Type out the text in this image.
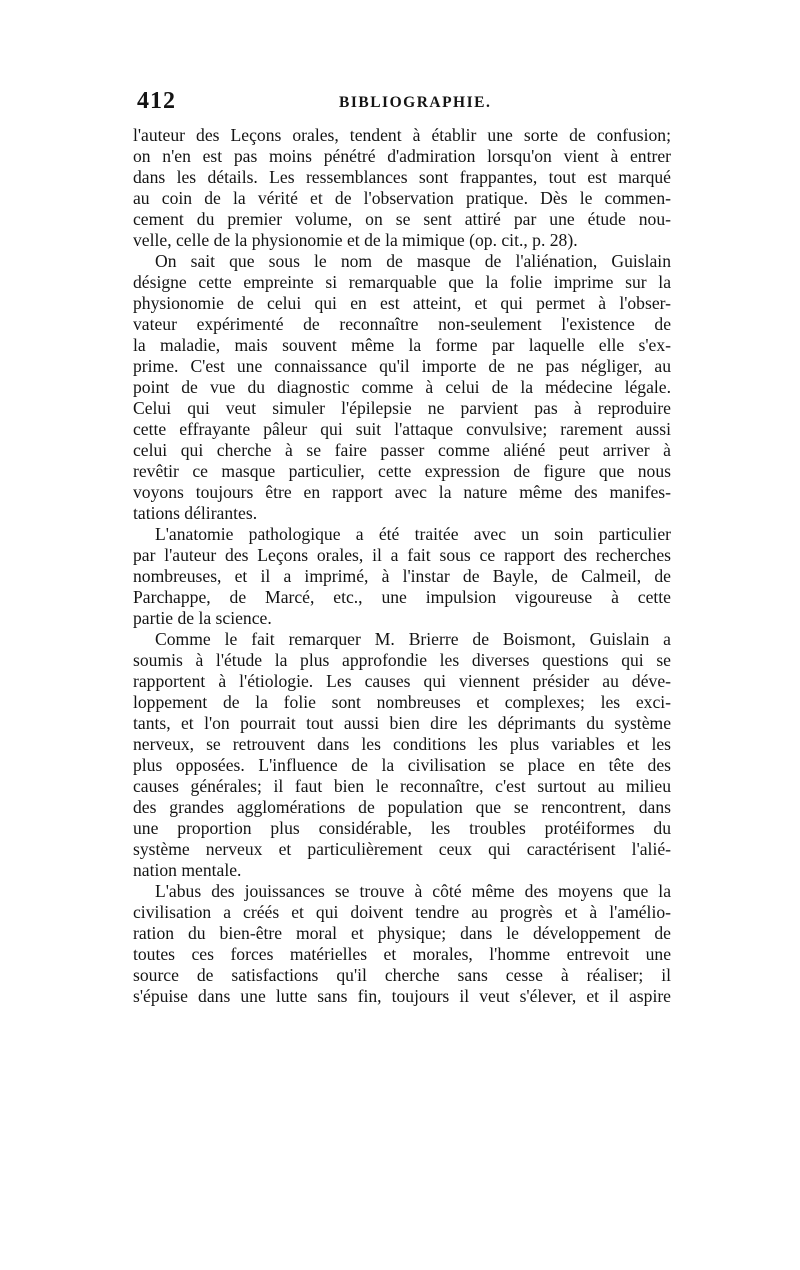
412	BIBLIOGRAPHIE.
l'auteur des Leçons orales, tendent à établir une sorte de confusion;
on n'en est pas moins pénétré d'admiration lorsqu'on vient à entrer
dans les détails. Les ressemblances sont frappantes, tout est marqué
au coin de la vérité et de l'observation pratique. Dès le commen-
cement du premier volume, on se sent attiré par une étude nou-
velle, celle de la physionomie et de la mimique (op. cit., p. 28).
On sait que sous le nom de masque de l'aliénation, Guislain
désigne cette empreinte si remarquable que la folie imprime sur la
physionomie de celui qui en est atteint, et qui permet à l'obser-
vateur expérimenté de reconnaître non-seulement l'existence de
la maladie, mais souvent même la forme par laquelle elle s'ex-
prime. C'est une connaissance qu'il importe de ne pas négliger, au
point de vue du diagnostic comme à celui de la médecine légale.
Celui qui veut simuler l'épilepsie ne parvient pas à reproduire
cette effrayante pâleur qui suit l'attaque convulsive; rarement aussi
celui qui cherche à se faire passer comme aliéné peut arriver à
revêtir ce masque particulier, cette expression de figure que nous
voyons toujours être en rapport avec la nature même des manifes-
tations délirantes.
L'anatomie pathologique a été traitée avec un soin particulier
par l'auteur des Leçons orales, il a fait sous ce rapport des recherches
nombreuses, et il a imprimé, à l'instar de Bayle, de Calmeil, de
Parchappe, de Marcé, etc., une impulsion vigoureuse à cette
partie de la science.
Comme le fait remarquer M. Brierre de Boismont, Guislain a
soumis à l'étude la plus approfondie les diverses questions qui se
rapportent à l'étiologie. Les causes qui viennent présider au déve-
loppement de la folie sont nombreuses et complexes; les exci-
tants, et l'on pourrait tout aussi bien dire les déprimants du système
nerveux, se retrouvent dans les conditions les plus variables et les
plus opposées. L'influence de la civilisation se place en tête des
causes générales; il faut bien le reconnaître, c'est surtout au milieu
des grandes agglomérations de population que se rencontrent, dans
une proportion plus considérable, les troubles protéiformes du
système nerveux et particulièrement ceux qui caractérisent l'alié-
nation mentale.
L'abus des jouissances se trouve à côté même des moyens que la
civilisation a créés et qui doivent tendre au progrès et à l'amélio-
ration du bien-être moral et physique; dans le développement de
toutes ces forces matérielles et morales, l'homme entrevoit une
source de satisfactions qu'il cherche sans cesse à réaliser; il
s'épuise dans une lutte sans fin, toujours il veut s'élever, et il aspire
